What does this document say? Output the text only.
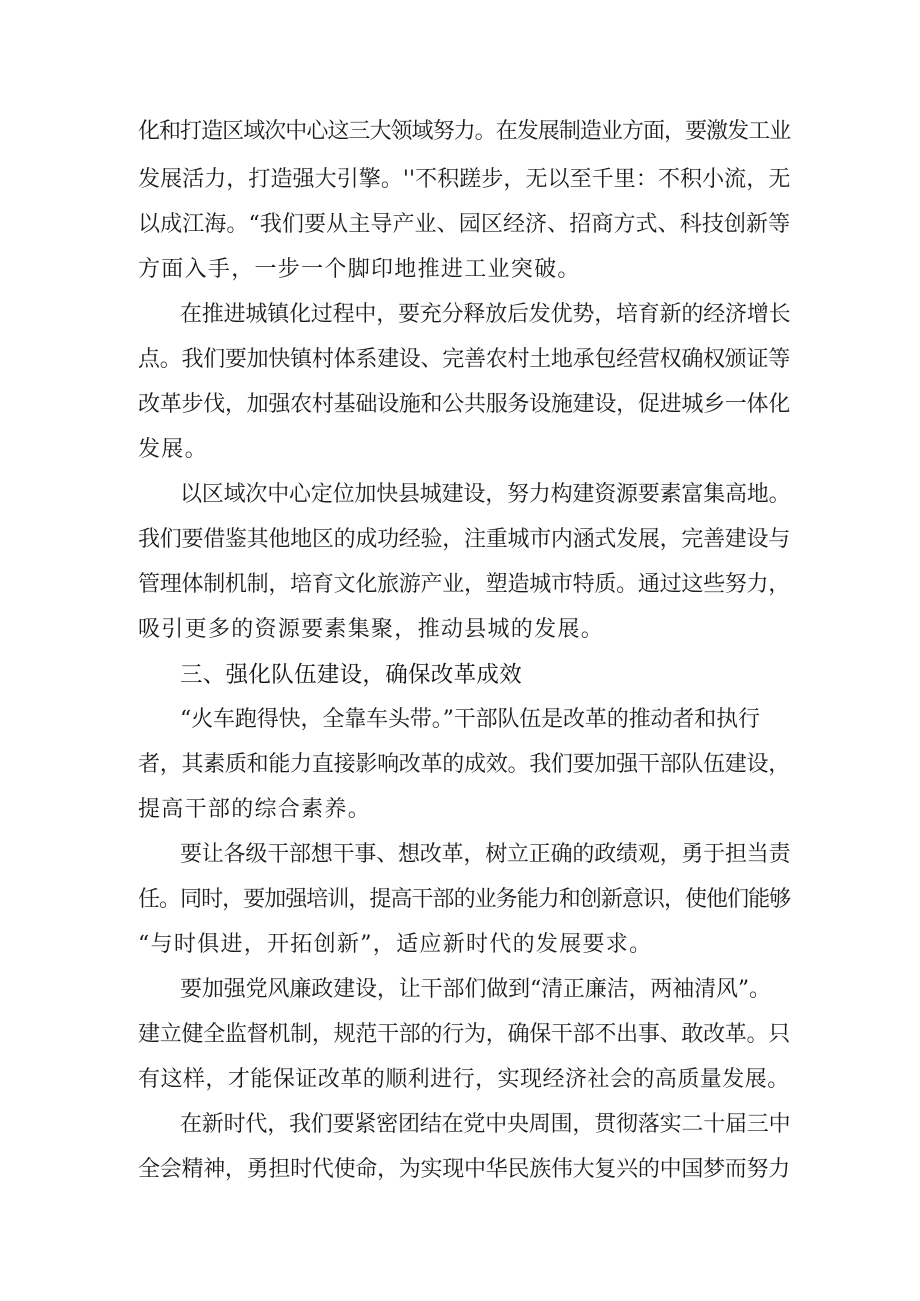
化和打造区域次中心这三大领域努力。在发展制造业方面，要激发工业
发展活力，打造强大引擎。''不积蹉步，无以至千里：不积小流，无
以成江海。“我们要从主导产业、园区经济、招商方式、科技创新等
方面入手，一步一个脚印地推进工业突破。
在推进城镇化过程中，要充分释放后发优势，培育新的经济增长
点。我们要加快镇村体系建设、完善农村土地承包经营权确权颁证等
改革步伐，加强农村基础设施和公共服务设施建设，促进城乡一体化
发展。
以区域次中心定位加快县城建设，努力构建资源要素富集高地。
我们要借鉴其他地区的成功经验，注重城市内涵式发展，完善建设与
管理体制机制，培育文化旅游产业，塑造城市特质。通过这些努力，
吸引更多的资源要素集聚，推动县城的发展。
三、强化队伍建设，确保改革成效
“火车跑得快，全靠车头带。”干部队伍是改革的推动者和执行
者，其素质和能力直接影响改革的成效。我们要加强干部队伍建设，
提高干部的综合素养。
要让各级干部想干事、想改革，树立正确的政绩观，勇于担当责
任。同时，要加强培训，提高干部的业务能力和创新意识，使他们能够
“与时俱进，开拓创新”，适应新时代的发展要求。
要加强党风廉政建设，让干部们做到“清正廉洁，两袖清风”。
建立健全监督机制，规范干部的行为，确保干部不出事、敢改革。只
有这样，才能保证改革的顺利进行，实现经济社会的高质量发展。
在新时代，我们要紧密团结在党中央周围，贯彻落实二十届三中
全会精神，勇担时代使命，为实现中华民族伟大复兴的中国梦而努力
